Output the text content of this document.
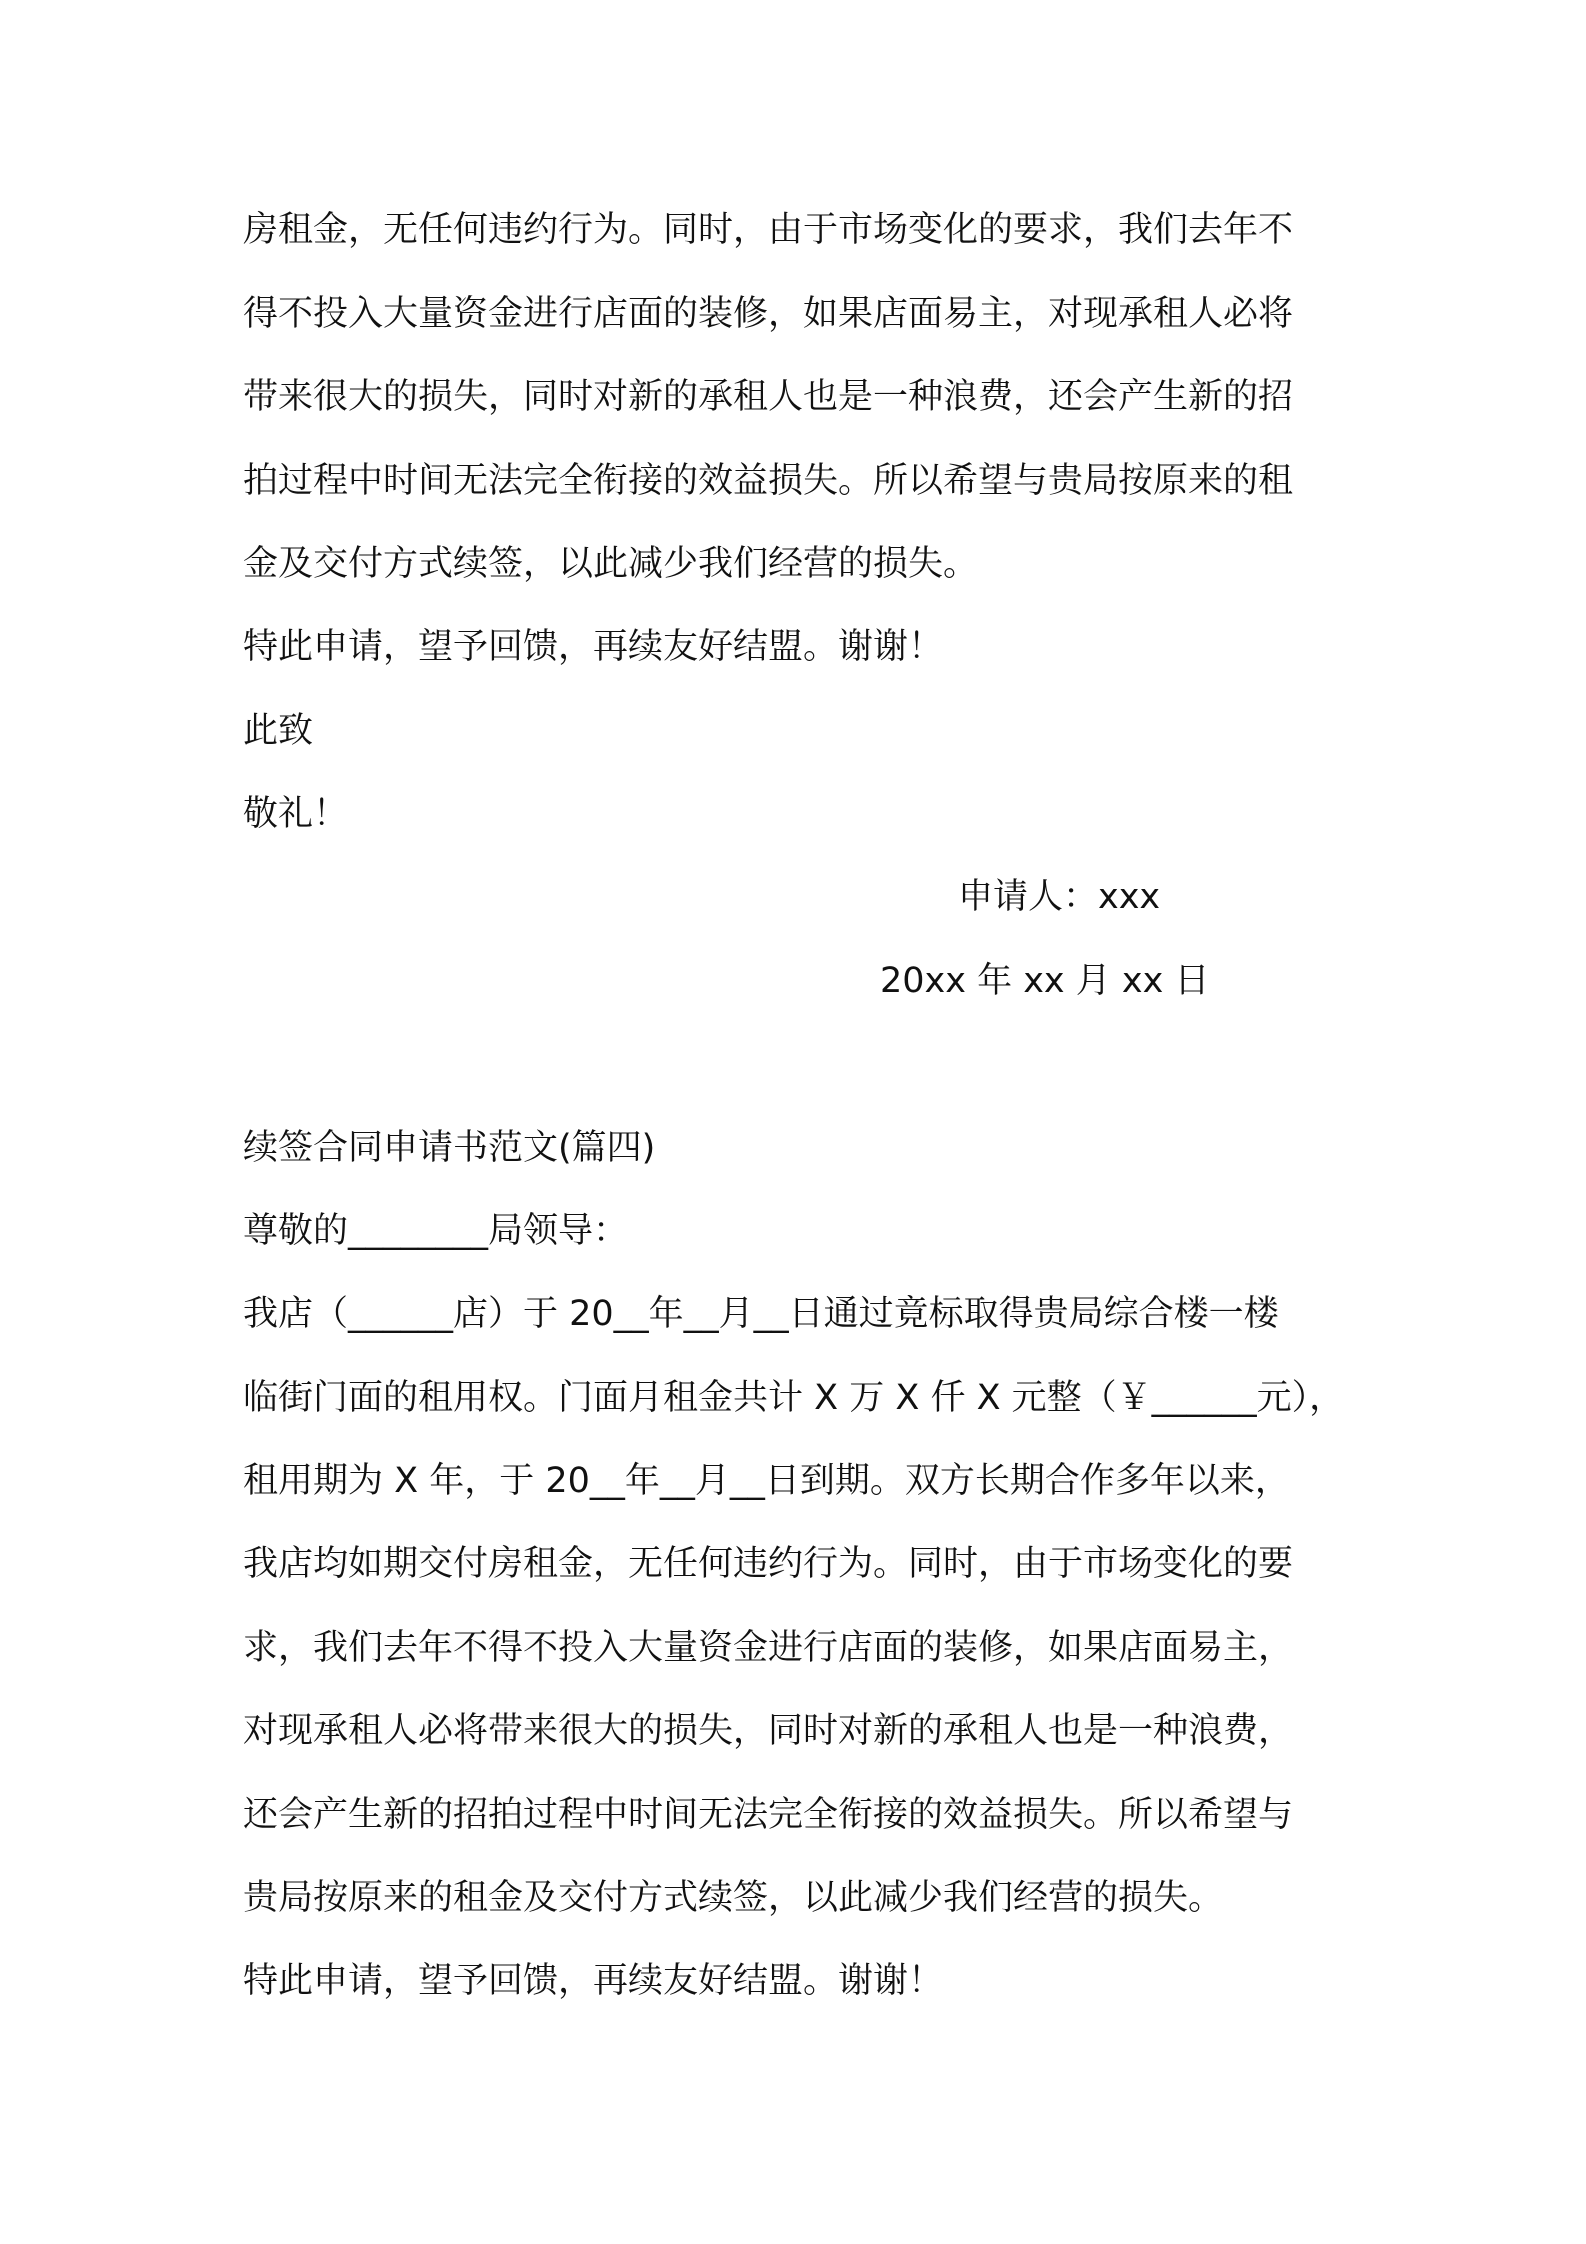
房租金，无任何违约行为。同时，由于市场变化的要求，我们去年不
得不投入大量资金进行店面的装修，如果店面易主，对现承租人必将
带来很大的损失，同时对新的承租人也是一种浪费，还会产生新的招
拍过程中时间无法完全衔接的效益损失。所以希望与贵局按原来的租
金及交付方式续签，以此减少我们经营的损失。
特此申请，望予回馈，再续友好结盟。谢谢！
此致
敬礼！
申请人：xxx
20xx 年 xx 月 xx 日
续签合同申请书范文(篇四)
尊敬的________局领导：
我店（______店）于 20__年__月__日通过竟标取得贵局综合楼一楼
临街门面的租用权。门面月租金共计 X 万 X 仟 X 元整（￥______元），
租用期为 X 年，于 20__年__月__日到期。双方长期合作多年以来，
我店均如期交付房租金，无任何违约行为。同时，由于市场变化的要
求，我们去年不得不投入大量资金进行店面的装修，如果店面易主，
对现承租人必将带来很大的损失，同时对新的承租人也是一种浪费，
还会产生新的招拍过程中时间无法完全衔接的效益损失。所以希望与
贵局按原来的租金及交付方式续签，以此减少我们经营的损失。
特此申请，望予回馈，再续友好结盟。谢谢！
